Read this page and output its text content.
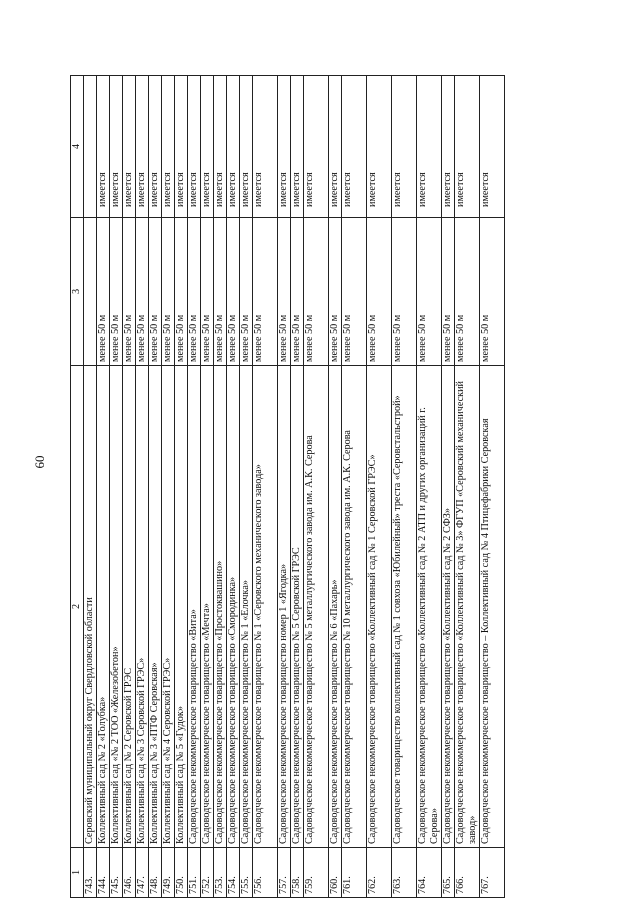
60
1	2	3	4
743.	Серовский муниципальный округ Свердловской области		
744.	Коллективный сад № 2 «Голубка»	менее 50 м	имеется
745.	Коллективный сад «№ 2 ТОО «Железобетон»	менее 50 м	имеется
746.	Коллективный сад № 2 Серовской ГРЭС	менее 50 м	имеется
747.	Коллективный сад «№ 3 Серовской ГРЭС»	менее 50 м	имеется
748.	Коллективный сад № 3 «ПТФ Серовская»	менее 50 м	имеется
749.	Коллективный сад «№ 4 Серовской ГРЭС»	менее 50 м	имеется
750.	Коллективный сад № 5 «Гудок»	менее 50 м	имеется
751.	Садоводческое некоммерческое товарищество «Вита»	менее 50 м	имеется
752.	Садоводческое некоммерческое товарищество «Мечта»	менее 50 м	имеется
753.	Садоводческое некоммерческое товарищество «Простоквашино»	менее 50 м	имеется
754.	Садоводческое некоммерческое товарищество «Смородинка»	менее 50 м	имеется
755.	Садоводческое некоммерческое товарищество № 1 «Елочка»	менее 50 м	имеется
756.	Садоводческое некоммерческое товарищество № 1 «Серовского механического завода»	менее 50 м	имеется
757.	Садоводческое некоммерческое товарищество номер 1 «Ягодка»	менее 50 м	имеется
758.	Садоводческое некоммерческое товарищество № 5 Серовской ГРЭС	менее 50 м	имеется
759.	Садоводческое некоммерческое товарищество № 5 металлургического завода им. А.К. Серова	менее 50 м	имеется
760.	Садоводческое некоммерческое товарищество № 6 «Пахарь»	менее 50 м	имеется
761.	Садоводческое некоммерческое товарищество № 10 металлургического завода им. А.К. Серова	менее 50 м	имеется
762.	Садоводческое некоммерческое товарищество «Коллективный сад № 1 Серовской ГРЭС»	менее 50 м	имеется
763.	Садоводческое товарищество коллективный сад № 1 совхоза «Юбилейный» треста «Серовстальстрой»	менее 50 м	имеется
764.	Садоводческое некоммерческое товарищество «Коллективный сад № 2 АТП и других организаций г. Серова»	менее 50 м	имеется
765.	Садоводческое некоммерческое товарищество «Коллективный сад № 2 СФЗ»	менее 50 м	имеется
766.	Садоводческое некоммерческое товарищество «Коллективный сад № 3» ФГУП «Серовский механический завод»	менее 50 м	имеется
767.	Садоводческое некоммерческое товарищество – Коллективный сад № 4 Птицефабрики Серовская	менее 50 м	имеется
